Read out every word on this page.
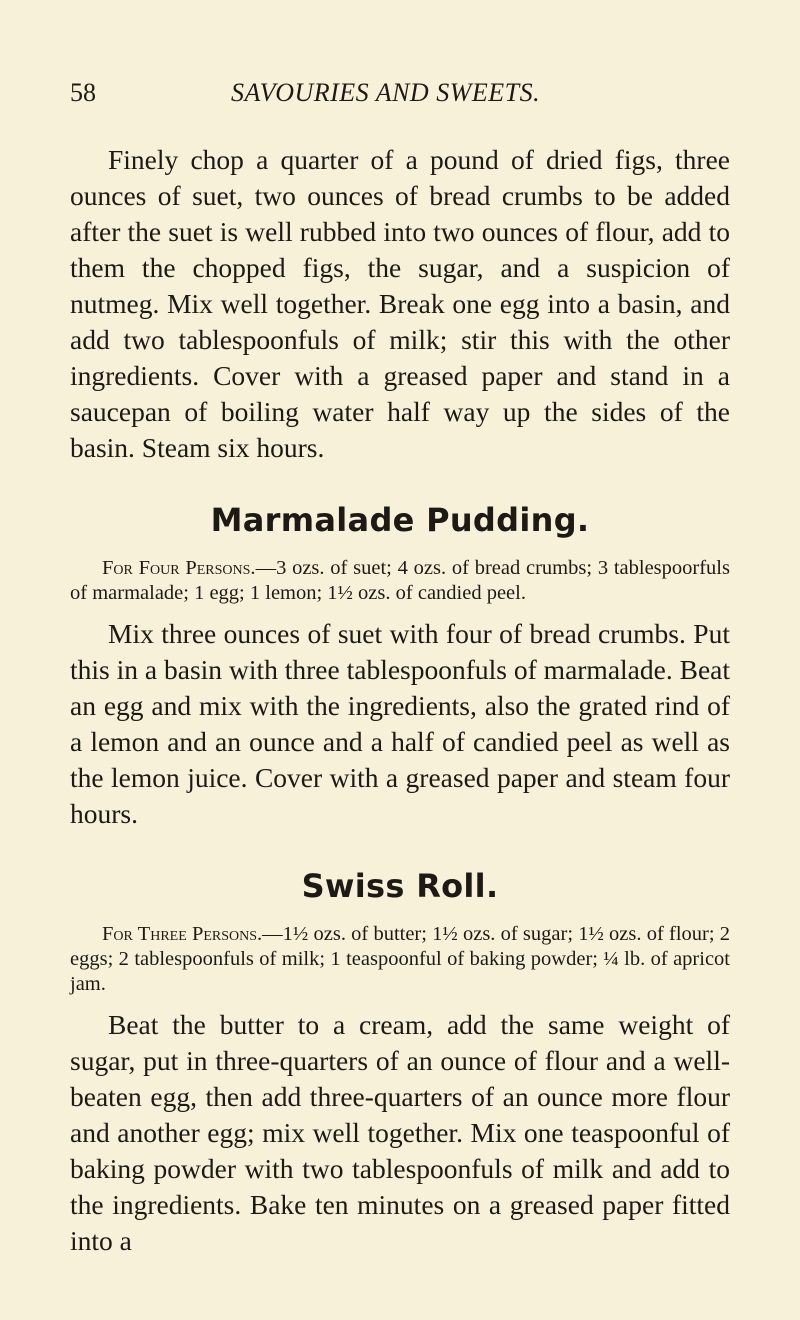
58	SAVOURIES AND SWEETS.

Finely chop a quarter of a pound of dried figs, three ounces of suet, two ounces of bread crumbs to be added after the suet is well rubbed into two ounces of flour, add to them the chopped figs, the sugar, and a suspicion of nutmeg. Mix well together. Break one egg into a basin, and add two tablespoonfuls of milk; stir this with the other ingredients. Cover with a greased paper and stand in a saucepan of boiling water half way up the sides of the basin. Steam six hours.

Marmalade Pudding.

For Four Persons.—3 ozs. of suet; 4 ozs. of bread crumbs; 3 tablespoorfuls of marmalade; 1 egg; 1 lemon; 1½ ozs. of candied peel.

Mix three ounces of suet with four of bread crumbs. Put this in a basin with three tablespoonfuls of marmalade. Beat an egg and mix with the ingredients, also the grated rind of a lemon and an ounce and a half of candied peel as well as the lemon juice. Cover with a greased paper and steam four hours.

Swiss Roll.

For Three Persons.—1½ ozs. of butter; 1½ ozs. of sugar; 1½ ozs. of flour; 2 eggs; 2 tablespoonfuls of milk; 1 teaspoonful of baking powder; ¼ lb. of apricot jam.

Beat the butter to a cream, add the same weight of sugar, put in three-quarters of an ounce of flour and a well-beaten egg, then add three-quarters of an ounce more flour and another egg; mix well together. Mix one teaspoonful of baking powder with two tablespoonfuls of milk and add to the ingredients. Bake ten minutes on a greased paper fitted into a
